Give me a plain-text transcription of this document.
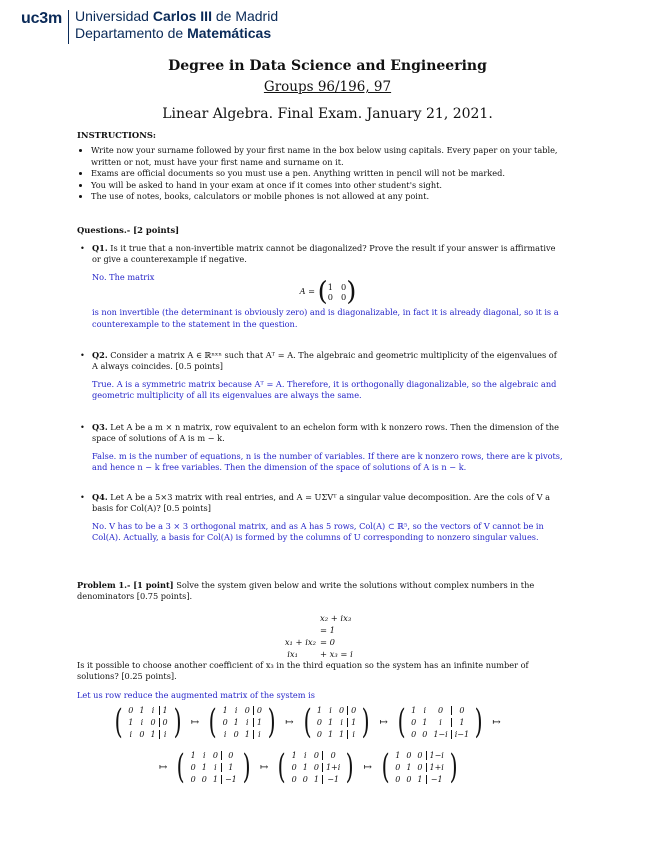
uc3m Universidad Carlos III de Madrid
Departamento de Matemáticas
Degree in Data Science and Engineering
Groups 96/196, 97
Linear Algebra. Final Exam. January 21, 2021.
INSTRUCTIONS:
• Write now your surname followed by your first name in the box below using capitals. Every paper on your table, written or not, must have your first name and surname on it.
• Exams are official documents so you must use a pen. Anything written in pencil will not be marked.
• You will be asked to hand in your exam at once if it comes into other student's sight.
• The use of notes, books, calculators or mobile phones is not allowed at any point.
Questions.- [2 points]
• Q1. Is it true that a non-invertible matrix cannot be diagonalized? Prove the result if your answer is affirmative or give a counterexample if negative.
No. The matrix
A = ( 1 0
0 0 )
is non invertible (the determinant is obviously zero) and is diagonalizable, in fact it is already diagonal, so it is a counterexample to the statement in the question.
• Q2. Consider a matrix A ∈ ℝⁿˣⁿ such that Aᵀ = A. The algebraic and geometric multiplicity of the eigenvalues of A always coincides. [0.5 points]
True. A is a symmetric matrix because Aᵀ = A. Therefore, it is orthogonally diagonalizable, so the algebraic and geometric multiplicity of all its eigenvalues are always the same.
• Q3. Let A be a m × n matrix, row equivalent to an echelon form with k nonzero rows. Then the dimension of the space of solutions of A is m − k.
False. m is the number of equations, n is the number of variables. If there are k nonzero rows, there are k pivots, and hence n − k free variables. Then the dimension of the space of solutions of A is n − k.
• Q4. Let A be a 5×3 matrix with real entries, and A = UΣVᵀ a singular value decomposition. Are the cols of V a basis for Col(A)? [0.5 points]
No. V has to be a 3 × 3 orthogonal matrix, and as A has 5 rows, Col(A) ⊂ ℝ⁵, so the vectors of V cannot be in Col(A). Actually, a basis for Col(A) is formed by the columns of U corresponding to nonzero singular values.
Problem 1.- [1 point] Solve the system given below and write the solutions without complex numbers in the denominators [0.75 points].
x₂ + ix₃ = 1
x₁ + ix₂ = 0
ix₁	+ x₃ = i
Is it possible to choose another coefficient of x₃ in the third equation so the system has an infinite number of solutions? [0.25 points].
Let us row reduce the augmented matrix of the system is
( 0 1 i	1
1 i 0 0
i 0 1	i ) ↦ ( 1 i 0 0
0 1 i	1
i 0 1	i ) ↦ ( 1 i 0 0
0 1 i	1
0 1 1	i ) ↦ ( 1 i	0	0
0 1	i	1
0 0 1−i i−1 ) ↦
↦ ( 1 i 0	0
0 1 i	1
0 0 1 −1 ) ↦ ( 1 i 0	0
0 1 0 1+i
0 0 1	−1 ) ↦ ( 1 0 0 1−i
0 1 0 1+i
0 0 1	−1 )
